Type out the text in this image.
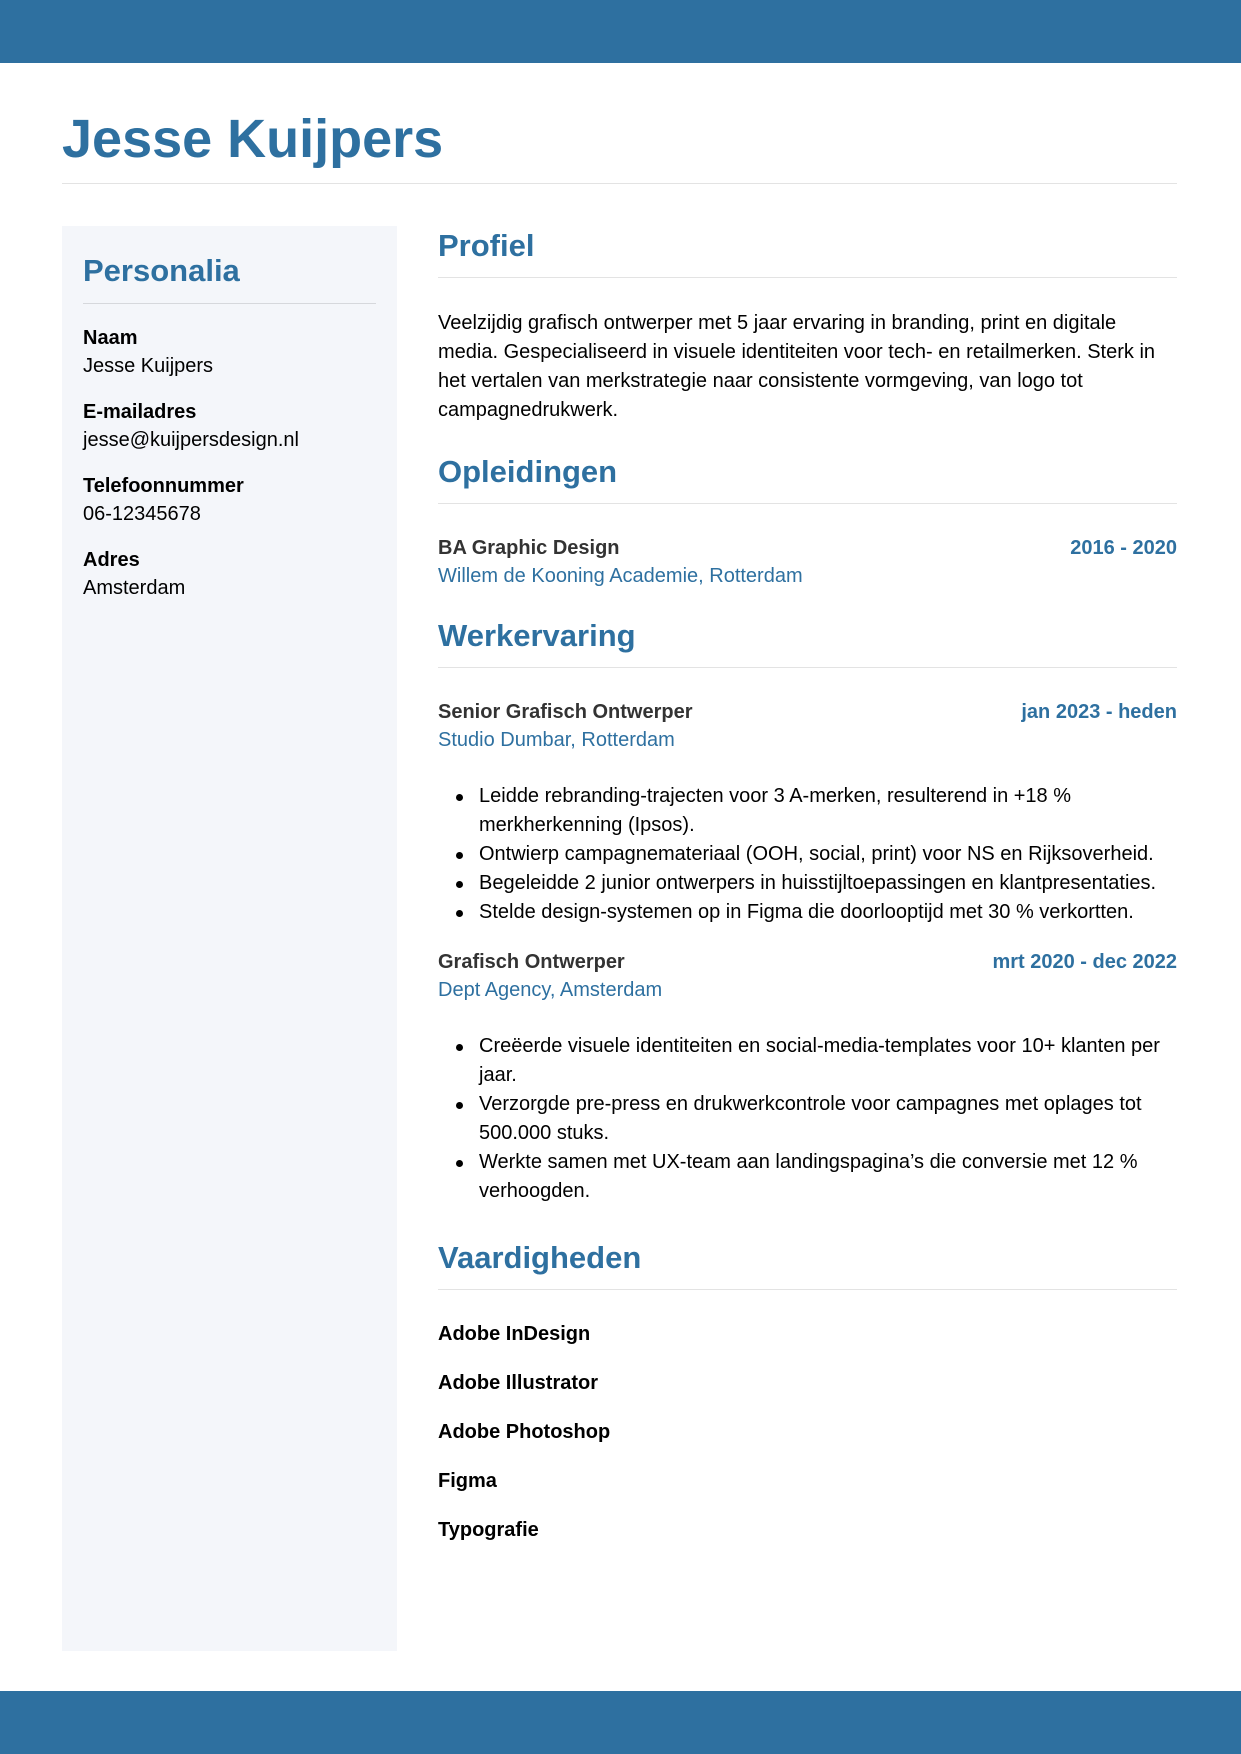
Jesse Kuijpers
Personalia
Naam
Jesse Kuijpers
E-mailadres
jesse@kuijpersdesign.nl
Telefoonnummer
06-12345678
Adres
Amsterdam
Profiel

Veelzijdig grafisch ontwerper met 5 jaar ervaring in branding, print en digitale media. Gespecialiseerd in visuele identiteiten voor tech- en retailmerken. Sterk in het vertalen van merkstrategie naar consistente vormgeving, van logo tot campagnedrukwerk.

Opleidingen
BA Graphic Design	2016 - 2020
Willem de Kooning Academie, Rotterdam
Werkervaring
Senior Grafisch Ontwerper	jan 2023 - heden
Studio Dumbar, Rotterdam
Leidde rebranding-trajecten voor 3 A-merken, resulterend in +18 % merkherkenning (Ipsos).
Ontwierp campagnemateriaal (OOH, social, print) voor NS en Rijksoverheid.
Begeleidde 2 junior ontwerpers in huisstijltoepassingen en klantpresentaties.
Stelde design-systemen op in Figma die doorlooptijd met 30 % verkortten.
Grafisch Ontwerper	mrt 2020 - dec 2022
Dept Agency, Amsterdam
Creëerde visuele identiteiten en social-media-templates voor 10+ klanten per jaar.
Verzorgde pre-press en drukwerkcontrole voor campagnes met oplages tot 500.000 stuks.
Werkte samen met UX-team aan landingspagina’s die conversie met 12 % verhoogden.
Vaardigheden
Adobe InDesign
Adobe Illustrator
Adobe Photoshop
Figma
Typografie
